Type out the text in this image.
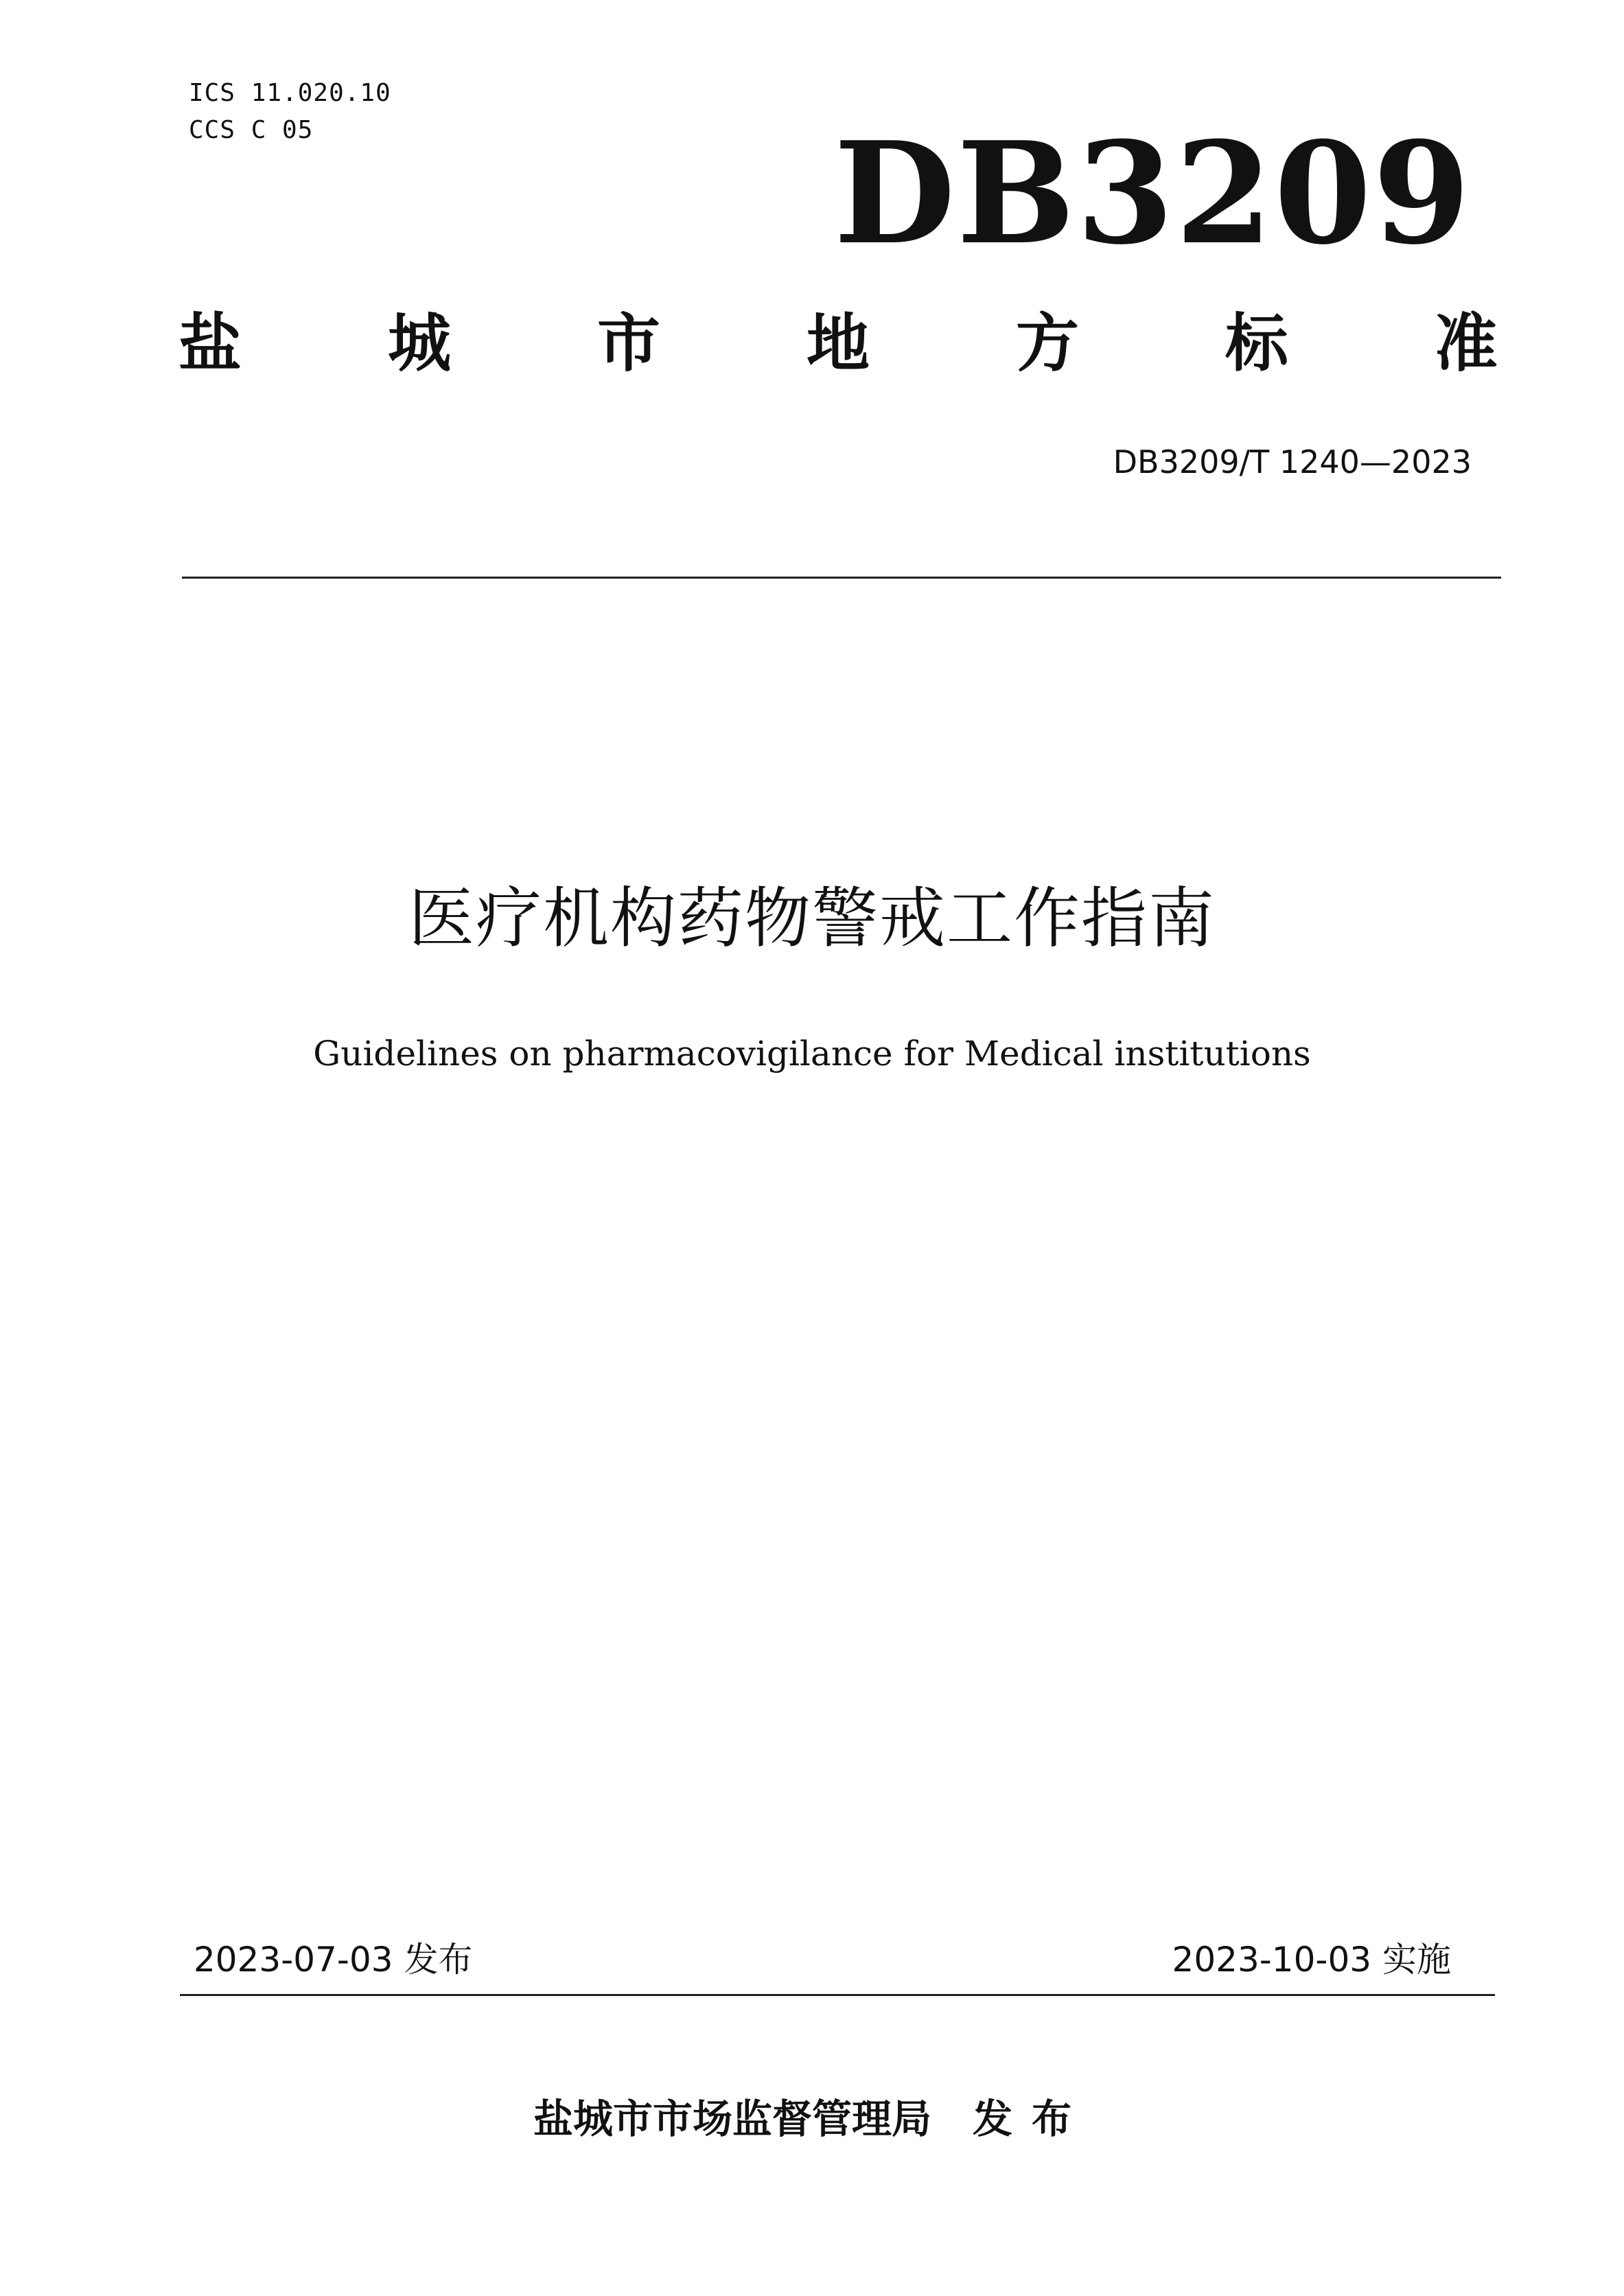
ICS 11.020.10
CCS C 05	DB3209
盐 城 市 地 方 标 准
DB3209/T 1240—2023
医疗机构药物警戒工作指南
Guidelines on pharmacovigilance for Medical institutions
2023-07-03 发布	2023-10-03 实施
盐城市市场监督管理局 发布
